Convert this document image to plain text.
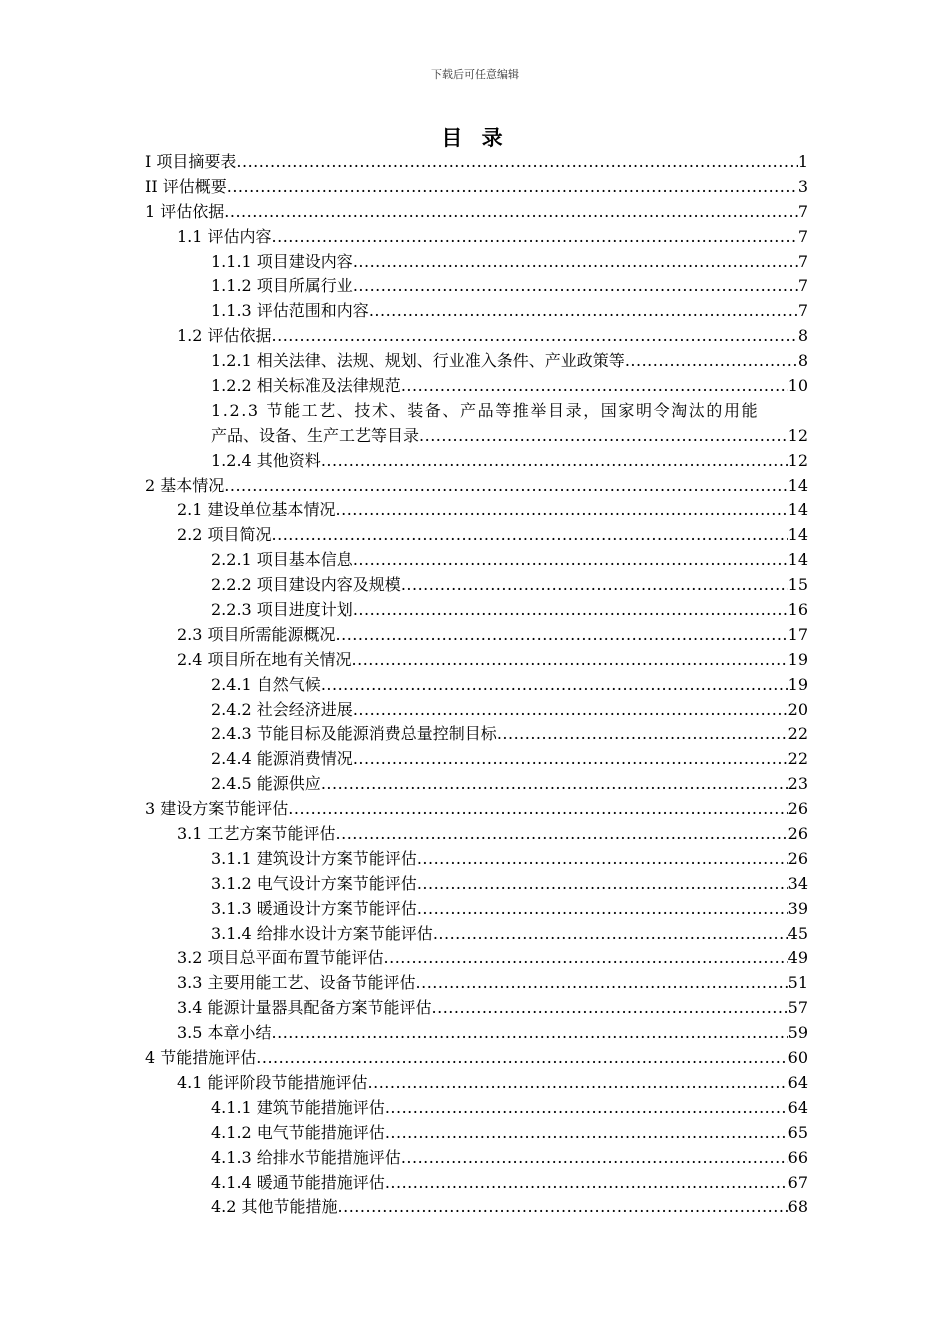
下载后可任意编辑
目 录
I 项目摘要表 .....	1
II 评估概要 .....	3
1 评估依据 .....	7
1.1 评估内容 .....	7
1.1.1 项目建设内容 .....	7
1.1.2 项目所属行业 .....	7
1.1.3 评估范围和内容 .....	7
1.2 评估依据 .....	8
1.2.1 相关法律、法规、规划、行业准入条件、产业政策等 .....	8
1.2.2 相关标准及法律规范 .....	10
1.2.3 节能工艺、技术、装备、产品等推举目录，国家明令淘汰的用能
产品、设备、生产工艺等目录 .....	12
1.2.4 其他资料 .....	12
2 基本情况 .....	14
2.1 建设单位基本情况 .....	14
2.2 项目简况 .....	14
2.2.1 项目基本信息 .....	14
2.2.2 项目建设内容及规模 .....	15
2.2.3 项目进度计划 .....	16
2.3 项目所需能源概况 .....	17
2.4 项目所在地有关情况 .....	19
2.4.1 自然气候 .....	19
2.4.2 社会经济进展 .....	20
2.4.3 节能目标及能源消费总量控制目标 .....	22
2.4.4 能源消费情况 .....	22
2.4.5 能源供应 .....	23
3 建设方案节能评估 .....	26
3.1 工艺方案节能评估 .....	26
3.1.1 建筑设计方案节能评估 .....	26
3.1.2 电气设计方案节能评估 .....	34
3.1.3 暖通设计方案节能评估 .....	39
3.1.4 给排水设计方案节能评估 .....	45
3.2 项目总平面布置节能评估 .....	49
3.3 主要用能工艺、设备节能评估 .....	51
3.4 能源计量器具配备方案节能评估 .....	57
3.5 本章小结 .....	59
4 节能措施评估 .....	60
4.1 能评阶段节能措施评估 .....	64
4.1.1 建筑节能措施评估 .....	64
4.1.2 电气节能措施评估 .....	65
4.1.3 给排水节能措施评估 .....	66
4.1.4 暖通节能措施评估 .....	67
4.2 其他节能措施 .....	68
